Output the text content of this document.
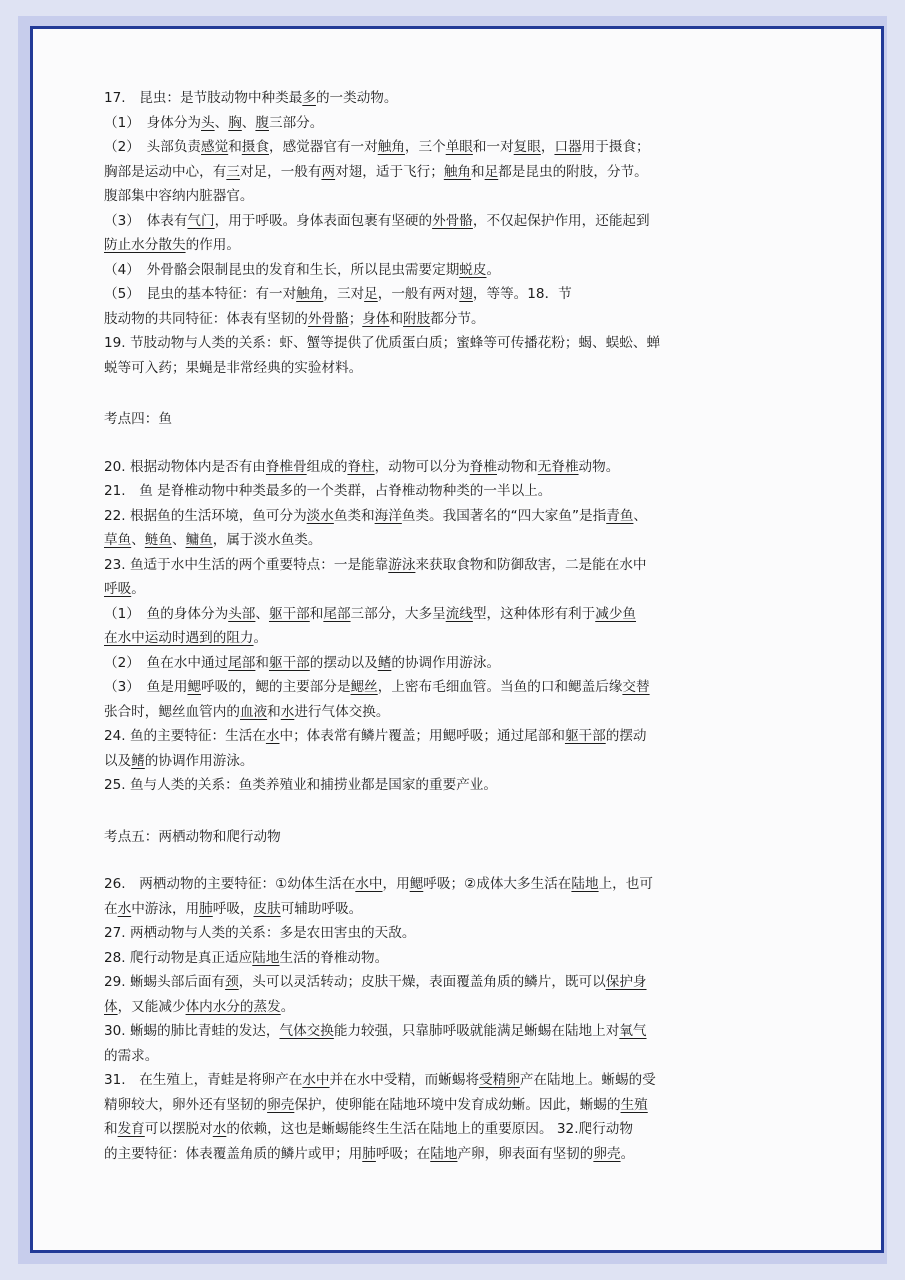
17.　昆虫：是节肢动物中种类最多的一类动物。

（1）　身体分为头、胸、腹三部分。

（2）　头部负责感觉和摄食，感觉器官有一对触角，三个单眼和一对复眼，口器用于摄食；

胸部是运动中心，有三对足，一般有两对翅，适于飞行；触角和足都是昆虫的附肢，分节。

腹部集中容纳内脏器官。

（3）　体表有气门，用于呼吸。身体表面包裹有坚硬的外骨骼，不仅起保护作用，还能起到

防止水分散失的作用。

（4）　外骨骼会限制昆虫的发育和生长，所以昆虫需要定期蜕皮。

（5）　昆虫的基本特征：有一对触角，三对足，一般有两对翅，等等。18．节

肢动物的共同特征：体表有坚韧的外骨骼；身体和附肢都分节。

19. 节肢动物与人类的关系：虾、蟹等提供了优质蛋白质；蜜蜂等可传播花粉；蝎、蜈蚣、蝉

蜕等可入药；果蝇是非常经典的实验材料。

考点四：鱼

20. 根据动物体内是否有由脊椎骨组成的脊柱，动物可以分为脊椎动物和无脊椎动物。

21.　鱼 是脊椎动物中种类最多的一个类群，占脊椎动物种类的一半以上。

22. 根据鱼的生活环境，鱼可分为淡水鱼类和海洋鱼类。我国著名的“四大家鱼”是指青鱼、

草鱼、鲢鱼、鳙鱼，属于淡水鱼类。

23. 鱼适于水中生活的两个重要特点：一是能靠游泳来获取食物和防御敌害，二是能在水中

呼吸。

（1）　鱼的身体分为头部、躯干部和尾部三部分，大多呈流线型，这种体形有利于减少鱼

在水中运动时遇到的阻力。

（2）　鱼在水中通过尾部和躯干部的摆动以及鳍的协调作用游泳。

（3）　鱼是用鳃呼吸的，鳃的主要部分是鳃丝，上密布毛细血管。当鱼的口和鳃盖后缘交替

张合时，鳃丝血管内的血液和水进行气体交换。

24. 鱼的主要特征：生活在水中；体表常有鳞片覆盖；用鳃呼吸；通过尾部和躯干部的摆动

以及鳍的协调作用游泳。

25. 鱼与人类的关系：鱼类养殖业和捕捞业都是国家的重要产业。

考点五：两栖动物和爬行动物

26.　两栖动物的主要特征：①幼体生活在水中，用鳃呼吸；②成体大多生活在陆地上，也可

在水中游泳，用肺呼吸，皮肤可辅助呼吸。

27. 两栖动物与人类的关系：多是农田害虫的天敌。

28. 爬行动物是真正适应陆地生活的脊椎动物。

29. 蜥蜴头部后面有颈，头可以灵活转动；皮肤干燥，表面覆盖角质的鳞片，既可以保护身

体，又能减少体内水分的蒸发。

30. 蜥蜴的肺比青蛙的发达，气体交换能力较强，只靠肺呼吸就能满足蜥蜴在陆地上对氧气

的需求。

31.　在生殖上，青蛙是将卵产在水中并在水中受精，而蜥蜴将受精卵产在陆地上。蜥蜴的受

精卵较大，卵外还有坚韧的卵壳保护，使卵能在陆地环境中发育成幼蜥。因此，蜥蜴的生殖

和发育可以摆脱对水的依赖，这也是蜥蜴能终生生活在陆地上的重要原因。 32.爬行动物

的主要特征：体表覆盖角质的鳞片或甲；用肺呼吸；在陆地产卵，卵表面有坚韧的卵壳。
